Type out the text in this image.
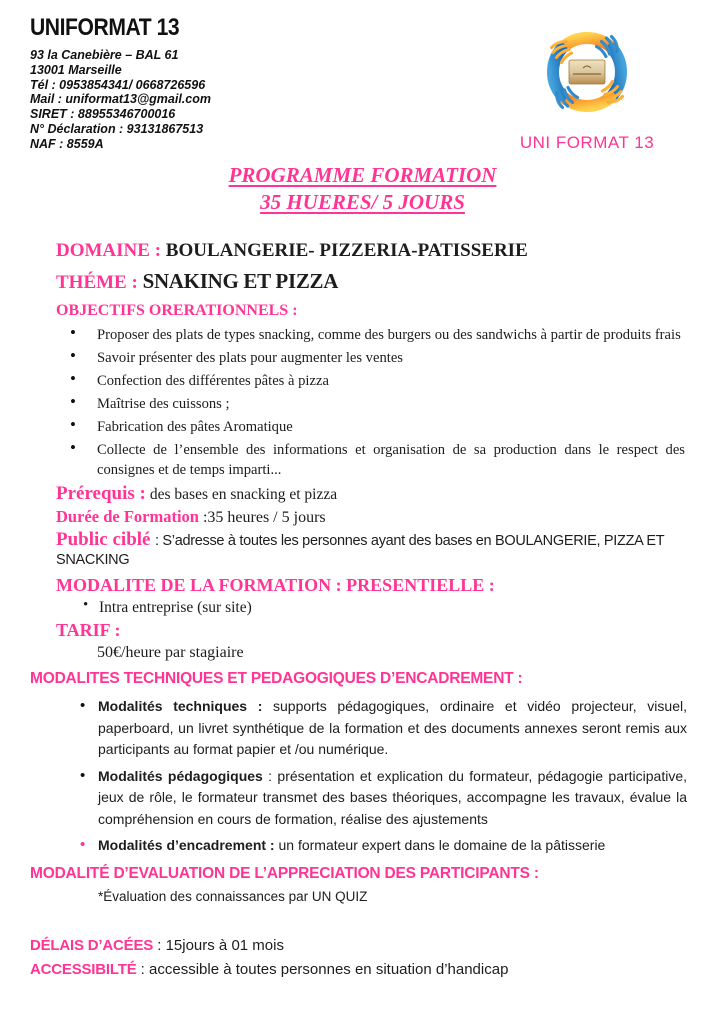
UNIFORMAT 13
93 la Canebière – BAL 61
13001 Marseille
Tél : 0953854341/ 0668726596
Mail : uniformat13@gmail.com
SIRET : 88955346700016
N° Déclaration : 93131867513
NAF : 8559A	UNI FORMAT 13
PROGRAMME FORMATION
35 HUERES/ 5 JOURS
DOMAINE : BOULANGERIE- PIZZERIA-PATISSERIE
THÉME : SNAKING ET PIZZA
OBJECTIFS ORERATIONNELS :
• Proposer des plats de types snacking, comme des burgers ou des sandwichs à partir de produits frais
• Savoir présenter des plats pour augmenter les ventes
• Confection des différentes pâtes à pizza
• Maîtrise des cuissons ;
• Fabrication des pâtes Aromatique
• Collecte de l’ensemble des informations et organisation de sa production dans le respect des consignes et de temps imparti...
Prérequis : des bases en snacking et pizza
Durée de Formation :35 heures / 5 jours
Public ciblé : S’adresse à toutes les personnes ayant des bases en BOULANGERIE, PIZZA ET SNACKING
MODALITE DE LA FORMATION : PRESENTIELLE :
• Intra entreprise (sur site)
TARIF :
50€/heure par stagiaire
MODALITES TECHNIQUES ET PEDAGOGIQUES D’ENCADREMENT :
• Modalités techniques : supports pédagogiques, ordinaire et vidéo projecteur, visuel, paperboard, un livret synthétique de la formation et des documents annexes seront remis aux participants au format papier et /ou numérique.
• Modalités pédagogiques : présentation et explication du formateur, pédagogie participative, jeux de rôle, le formateur transmet des bases théoriques, accompagne les travaux, évalue la compréhension en cours de formation, réalise des ajustements
• Modalités d’encadrement : un formateur expert dans le domaine de la pâtisserie
MODALITÉ D’EVALUATION DE L’APPRECIATION DES PARTICIPANTS :
*Évaluation des connaissances par UN QUIZ
DÉLAIS D’ACÉES : 15jours à 01 mois
ACCESSIBILTÉ : accessible à toutes personnes en situation d’handicap
